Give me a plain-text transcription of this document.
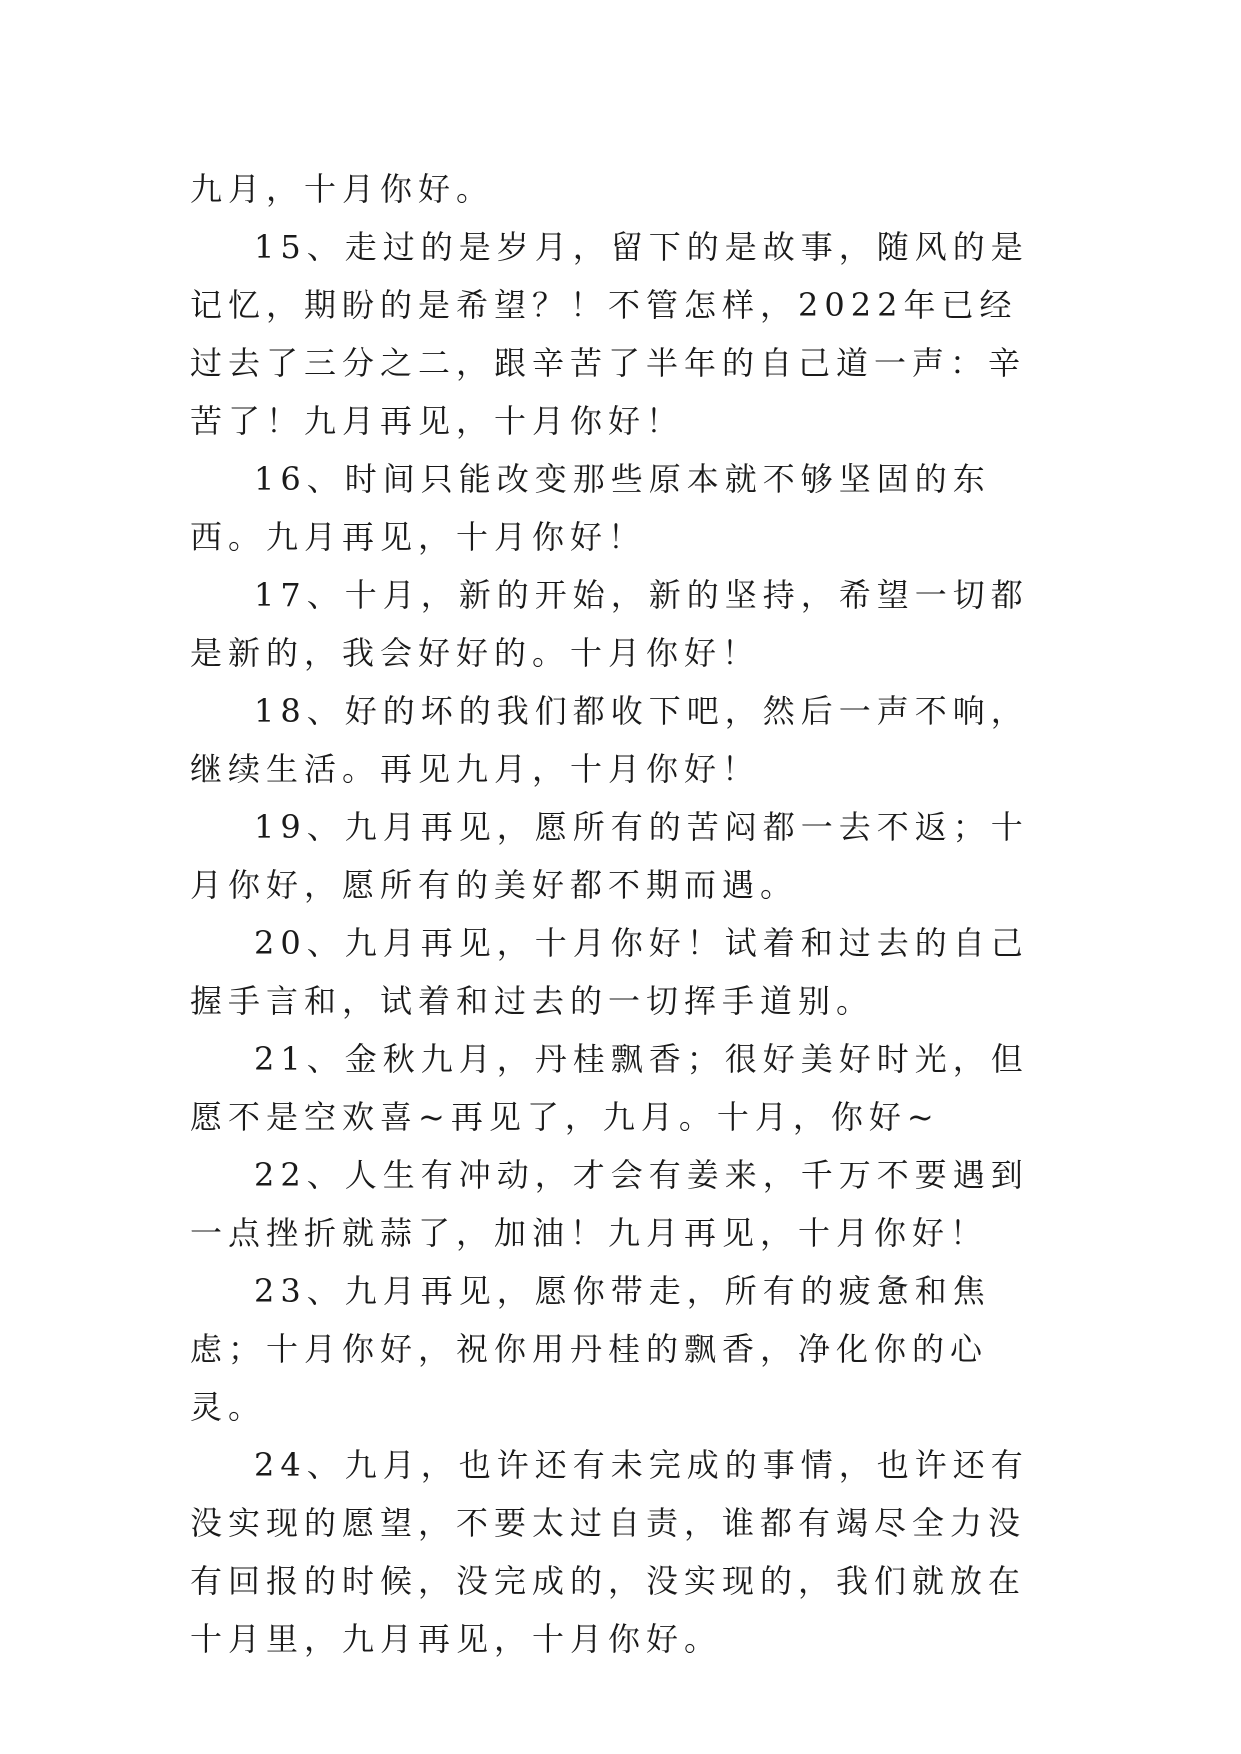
九月，十月你好。

15、走过的是岁月，留下的是故事，随风的是记忆，期盼的是希望？！不管怎样，2022年已经过去了三分之二，跟辛苦了半年的自己道一声：辛苦了！九月再见，十月你好！

16、时间只能改变那些原本就不够坚固的东西。九月再见，十月你好！

17、十月，新的开始，新的坚持，希望一切都是新的，我会好好的。十月你好！

18、好的坏的我们都收下吧，然后一声不响，继续生活。再见九月，十月你好！

19、九月再见，愿所有的苦闷都一去不返；十月你好，愿所有的美好都不期而遇。

20、九月再见，十月你好！试着和过去的自己握手言和，试着和过去的一切挥手道别。

21、金秋九月，丹桂飘香；很好美好时光，但愿不是空欢喜~再见了，九月。十月，你好~

22、人生有冲动，才会有姜来，千万不要遇到一点挫折就蒜了，加油！九月再见，十月你好！

23、九月再见，愿你带走，所有的疲惫和焦虑；十月你好，祝你用丹桂的飘香，净化你的心灵。

24、九月，也许还有未完成的事情，也许还有没实现的愿望，不要太过自责，谁都有竭尽全力没有回报的时候，没完成的，没实现的，我们就放在十月里，九月再见，十月你好。
